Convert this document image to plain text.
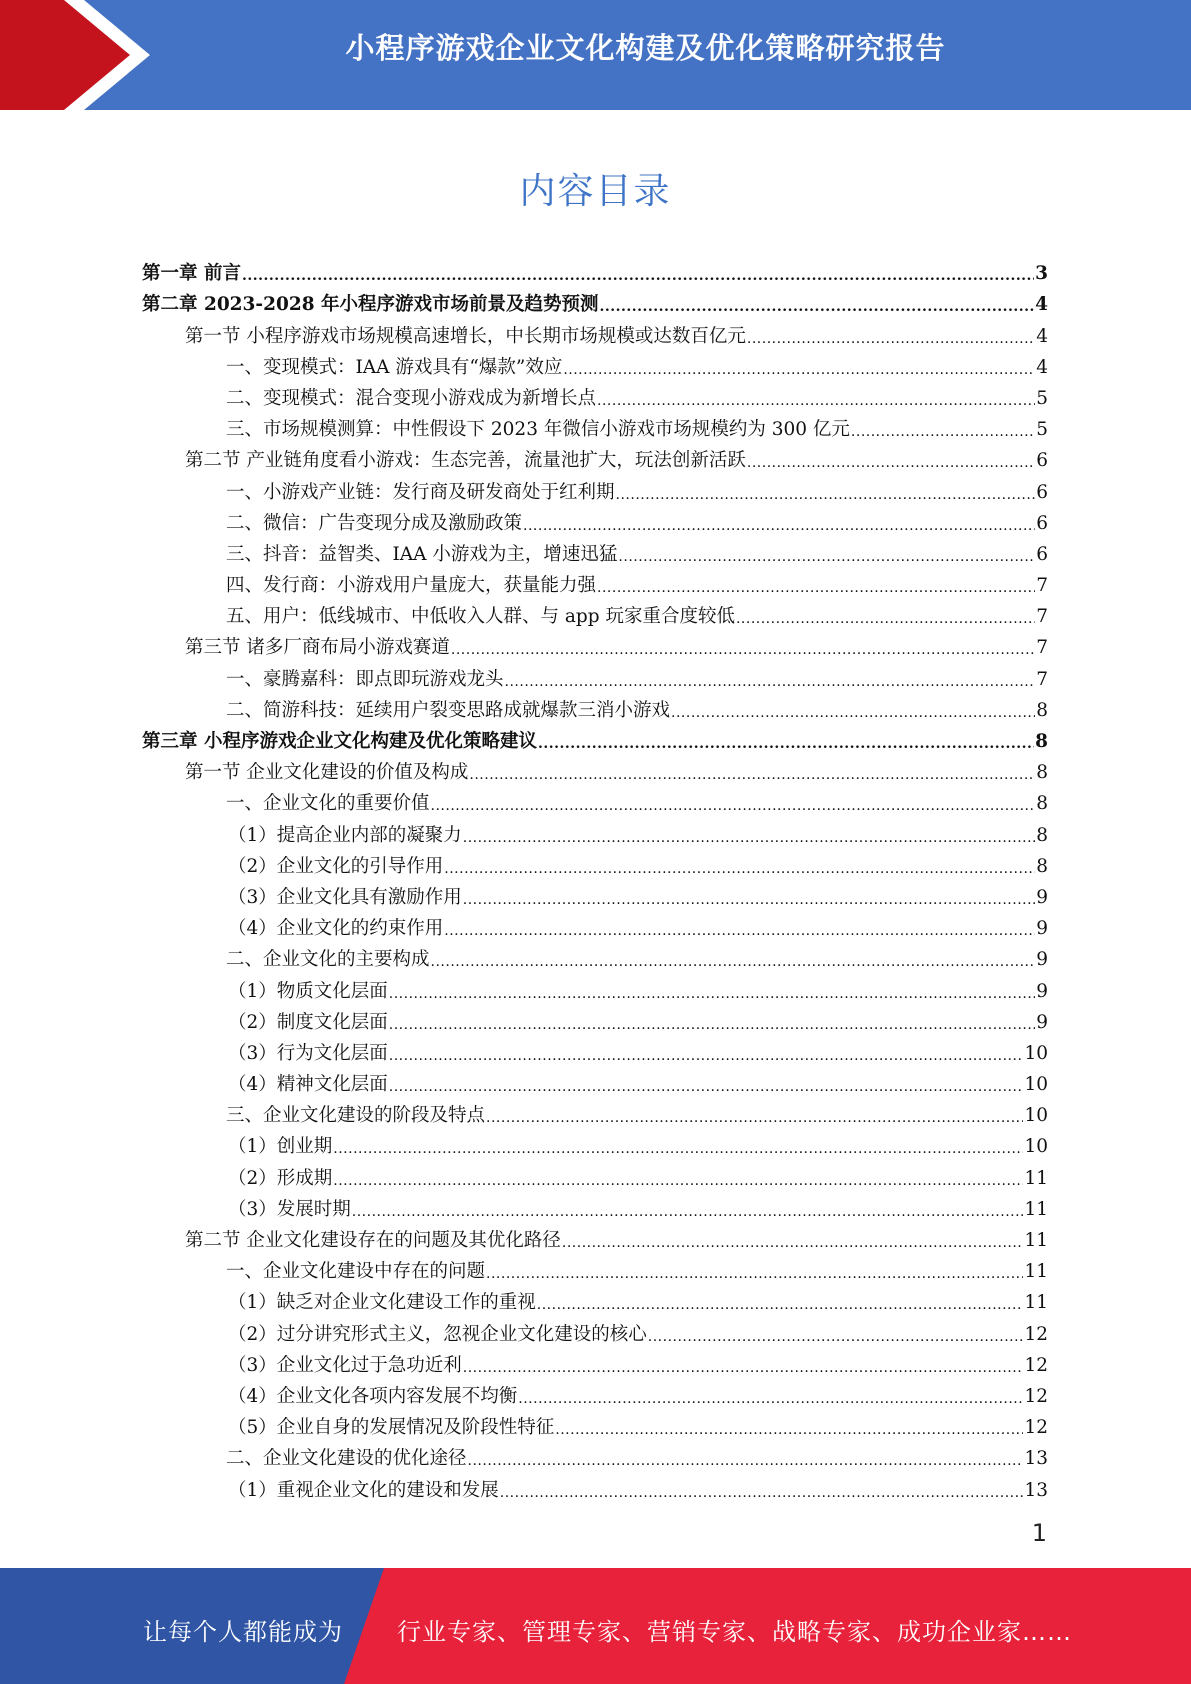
小程序游戏企业文化构建及优化策略研究报告
内容目录
第一章 前言 .....	3
第二章 2023-2028 年小程序游戏市场前景及趋势预测 .....	4
第一节 小程序游戏市场规模高速增长，中长期市场规模或达数百亿元 .....	4
一、变现模式：IAA 游戏具有“爆款”效应 .....	4
二、变现模式：混合变现小游戏成为新增长点 .....	5
三、市场规模测算：中性假设下 2023 年微信小游戏市场规模约为 300 亿元 .....	5
第二节 产业链角度看小游戏：生态完善，流量池扩大，玩法创新活跃 .....	6
一、小游戏产业链：发行商及研发商处于红利期 .....	6
二、微信：广告变现分成及激励政策 .....	6
三、抖音：益智类、IAA 小游戏为主，增速迅猛 .....	6
四、发行商：小游戏用户量庞大，获量能力强 .....	7
五、用户：低线城市、中低收入人群、与 app 玩家重合度较低 .....	7
第三节 诸多厂商布局小游戏赛道 .....	7
一、豪腾嘉科：即点即玩游戏龙头 .....	7
二、简游科技：延续用户裂变思路成就爆款三消小游戏 .....	8
第三章 小程序游戏企业文化构建及优化策略建议 .....	8
第一节 企业文化建设的价值及构成 .....	8
一、企业文化的重要价值 .....	8
（1）提高企业内部的凝聚力 .....	8
（2）企业文化的引导作用 .....	8
（3）企业文化具有激励作用 .....	9
（4）企业文化的约束作用 .....	9
二、企业文化的主要构成 .....	9
（1）物质文化层面 .....	9
（2）制度文化层面 .....	9
（3）行为文化层面 .....	10
（4）精神文化层面 .....	10
三、企业文化建设的阶段及特点 .....	10
（1）创业期 .....	10
（2）形成期 .....	11
（3）发展时期 .....	11
第二节 企业文化建设存在的问题及其优化路径 .....	11
一、企业文化建设中存在的问题 .....	11
（1）缺乏对企业文化建设工作的重视 .....	11
（2）过分讲究形式主义，忽视企业文化建设的核心 .....	12
（3）企业文化过于急功近利 .....	12
（4）企业文化各项内容发展不均衡 .....	12
（5）企业自身的发展情况及阶段性特征 .....	12
二、企业文化建设的优化途径 .....	13
（1）重视企业文化的建设和发展 .....	13
1
让每个人都能成为 行业专家、管理专家、营销专家、战略专家、成功企业家……
